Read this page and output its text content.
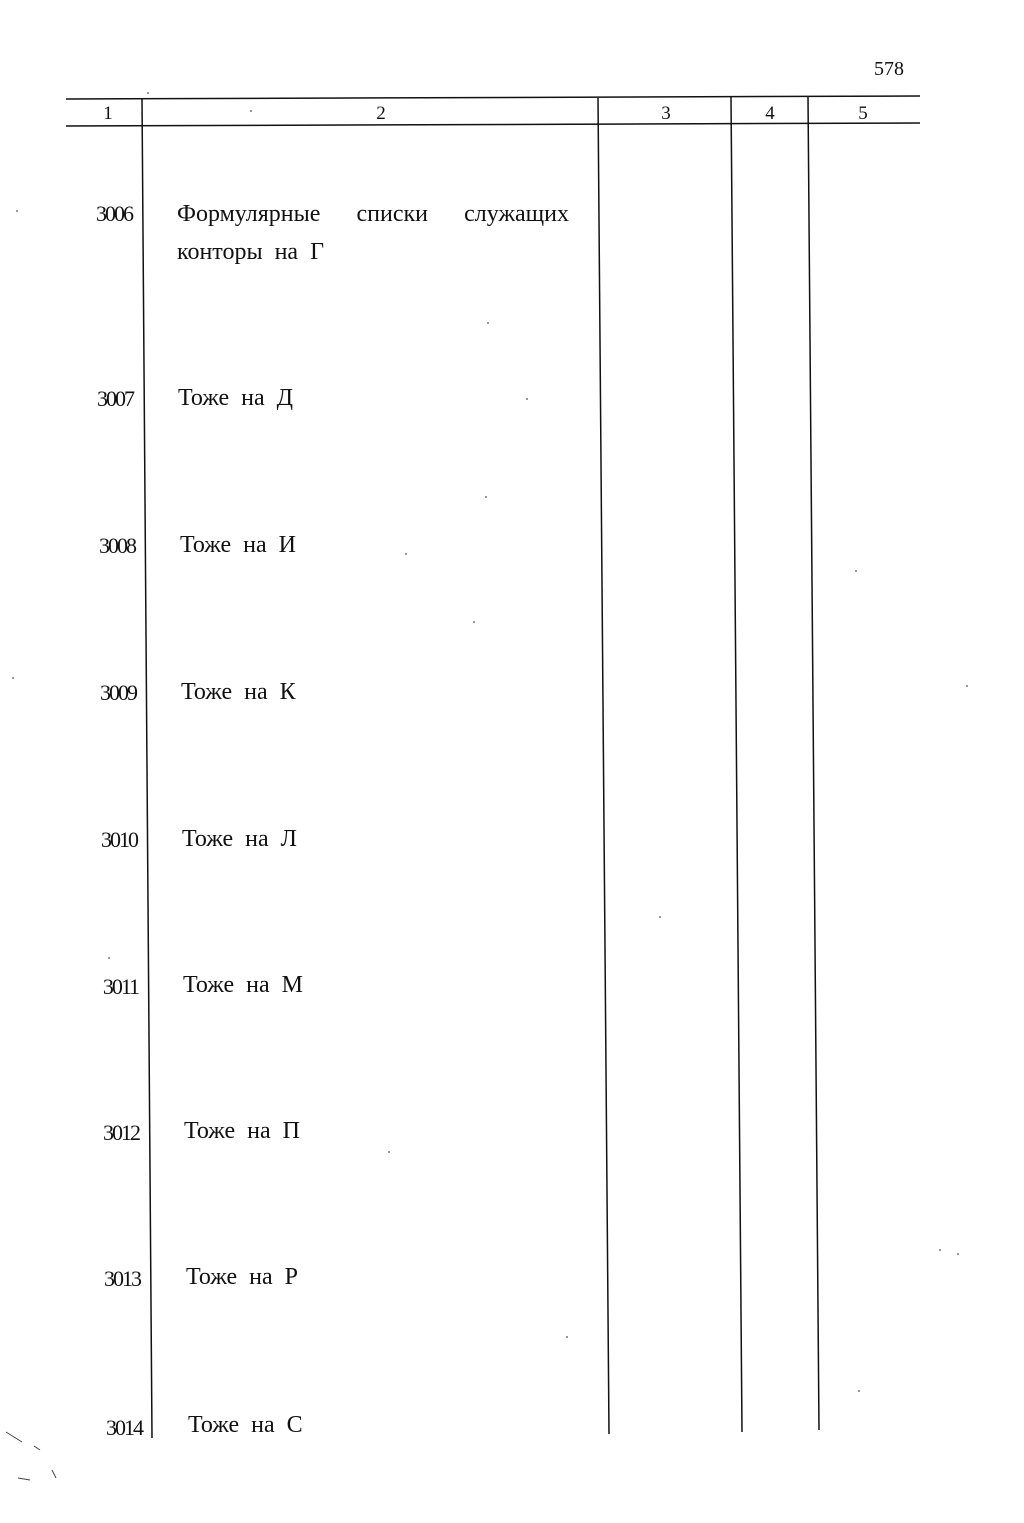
578
1	2	3	4	5
3006 Формулярные списки служащих конторы на Г
3007 Тоже на Д
3008 Тоже на И
3009 Тоже на К
3010 Тоже на Л
3011 Тоже на М
3012 Тоже на П
3013 Тоже на Р
3014 Тоже на С
